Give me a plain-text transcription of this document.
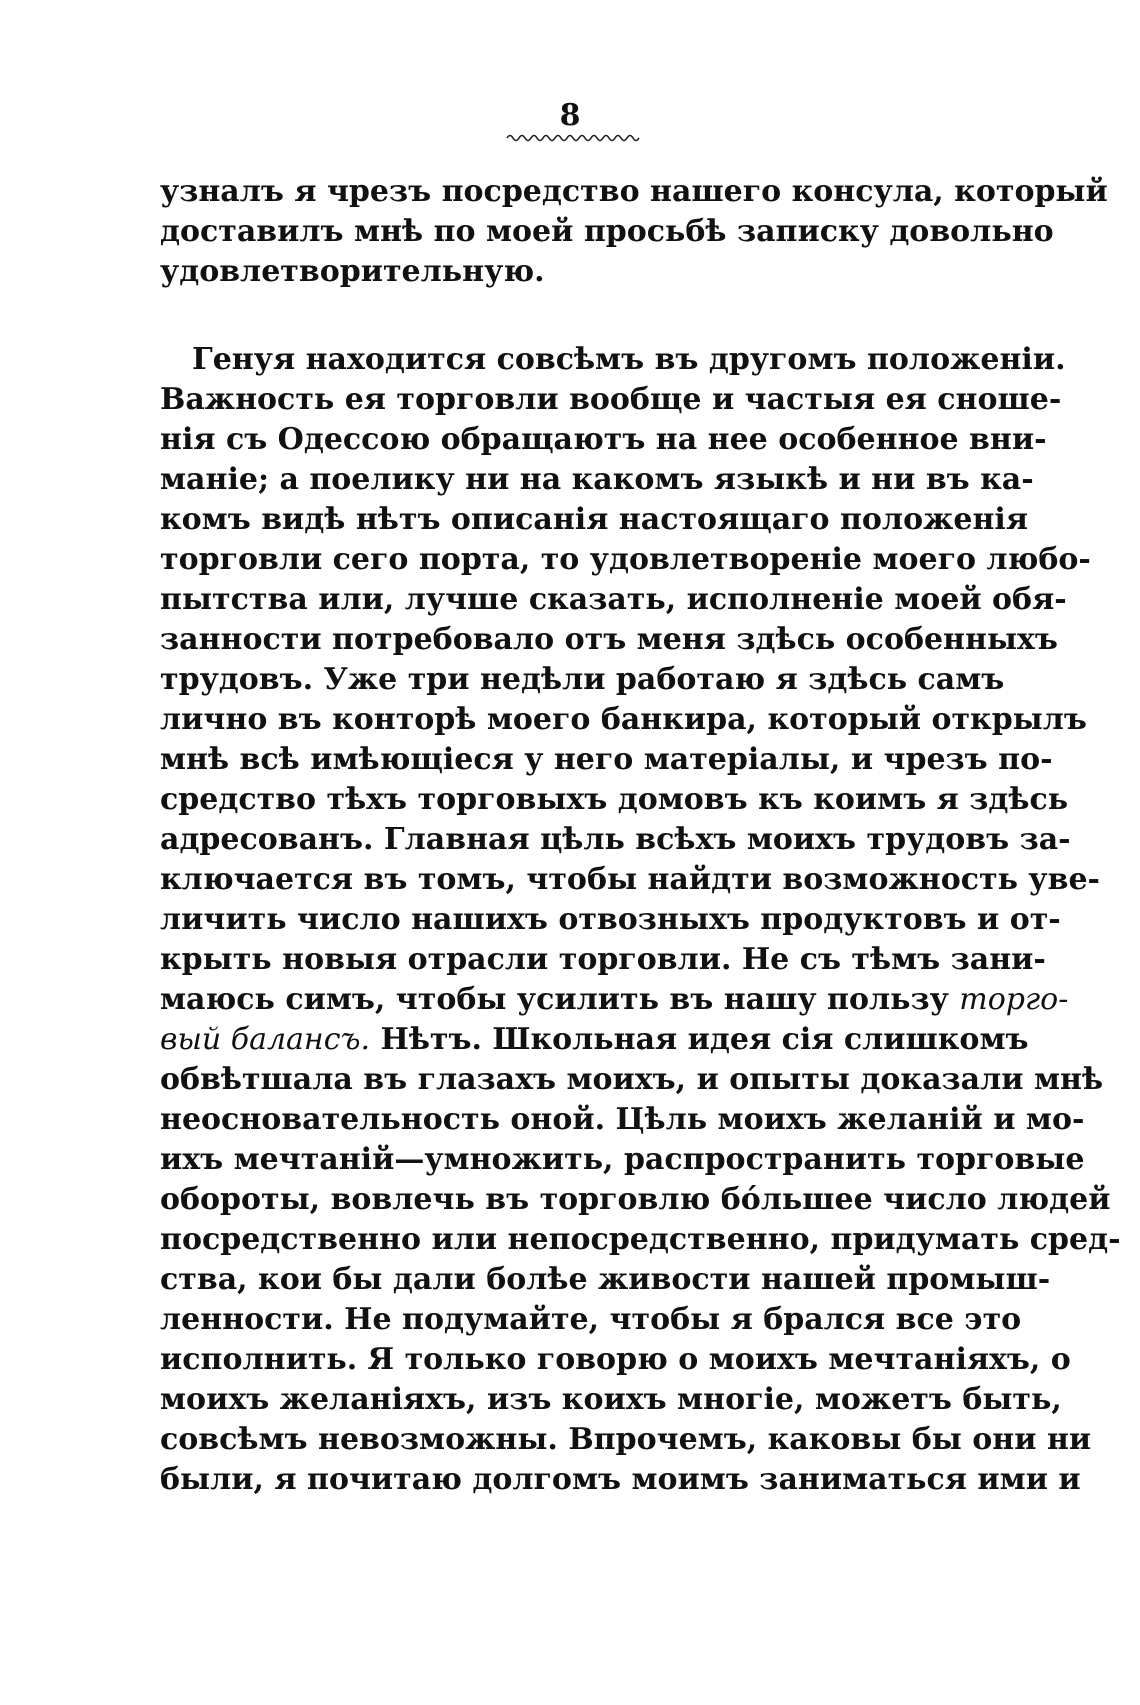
8
узналъ я чрезъ посредство нашего консула, который
доставилъ мнѣ по моей просьбѣ записку довольно
удовлетворительную.
Генуя находится совсѣмъ въ другомъ положеніи.
Важность ея торговли вообще и частыя ея сноше-
нія съ Одессою обращаютъ на нее особенное вни-
маніе; а поелику ни на какомъ языкѣ и ни въ ка-
комъ видѣ нѣтъ описанія настоящаго положенія
торговли сего порта, то удовлетвореніе моего любо-
пытства или, лучше сказать, исполненіе моей обя-
занности потребовало отъ меня здѣсь особенныхъ
трудовъ. Уже три недѣли работаю я здѣсь самъ
лично въ конторѣ моего банкира, который открылъ
мнѣ всѣ имѣющіеся у него матеріалы, и чрезъ по-
средство тѣхъ торговыхъ домовъ къ коимъ я здѣсь
адресованъ. Главная цѣль всѣхъ моихъ трудовъ за-
ключается въ томъ, чтобы найдти возможность уве-
личить число нашихъ отвозныхъ продуктовъ и от-
крыть новыя отрасли торговли. Не съ тѣмъ зани-
маюсь симъ, чтобы усилить въ нашу пользу торго-
вый балансъ. Нѣтъ. Школьная идея сія слишкомъ
обвѣтшала въ глазахъ моихъ, и опыты доказали мнѣ
неосновательность оной. Цѣль моихъ желаній и мо-
ихъ мечтаній—умножить, распространить торговые
обороты, вовлечь въ торговлю бóльшее число людей
посредственно или непосредственно, придумать сред-
ства, кои бы дали болѣе живости нашей промыш-
ленности. Не подумайте, чтобы я брался все это
исполнить. Я только говорю о моихъ мечтаніяхъ, о
моихъ желаніяхъ, изъ коихъ многіе, можетъ быть,
совсѣмъ невозможны. Впрочемъ, каковы бы они ни
были, я почитаю долгомъ моимъ заниматься ими и
